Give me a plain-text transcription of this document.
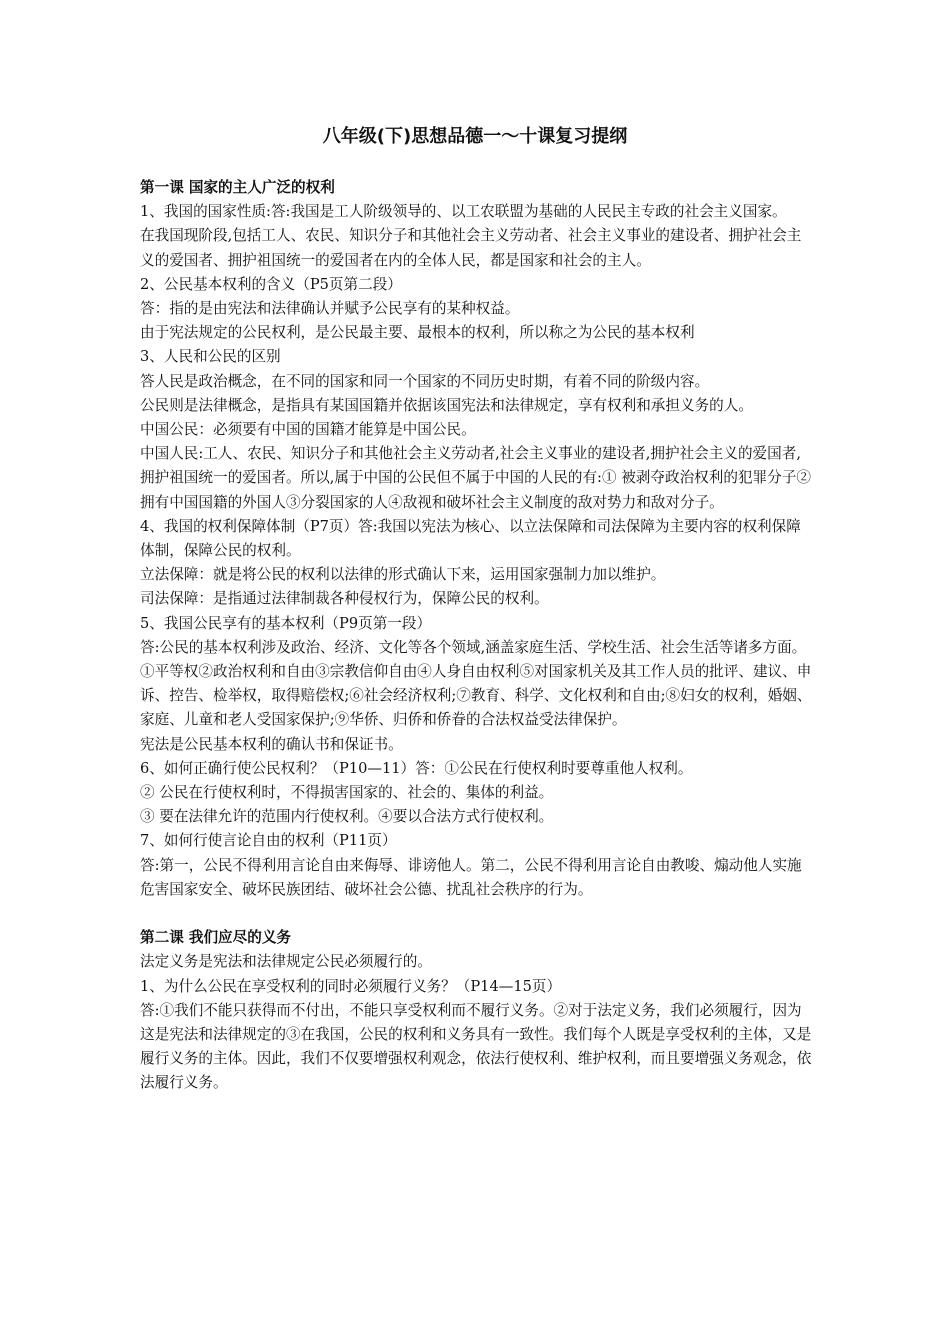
八年级(下)思想品德一～十课复习提纲
第一课 国家的主人广泛的权利

1、我国的国家性质:答:我国是工人阶级领导的、以工农联盟为基础的人民民主专政的社会主义国家。

在我国现阶段,包括工人、农民、知识分子和其他社会主义劳动者、社会主义事业的建设者、拥护社会主义的爱国者、拥护祖国统一的爱国者在内的全体人民，都是国家和社会的主人。

2、公民基本权利的含义（P5页第二段）

答：指的是由宪法和法律确认并赋予公民享有的某种权益。

由于宪法规定的公民权利，是公民最主要、最根本的权利，所以称之为公民的基本权利

3、人民和公民的区别

答人民是政治概念，在不同的国家和同一个国家的不同历史时期，有着不同的阶级内容。

公民则是法律概念，是指具有某国国籍并依据该国宪法和法律规定，享有权利和承担义务的人。

中国公民：必须要有中国的国籍才能算是中国公民。

中国人民:工人、农民、知识分子和其他社会主义劳动者,社会主义事业的建设者,拥护社会主义的爱国者,拥护祖国统一的爱国者。所以,属于中国的公民但不属于中国的人民的有:① 被剥夺政治权利的犯罪分子②拥有中国国籍的外国人③分裂国家的人④敌视和破坏社会主义制度的敌对势力和敌对分子。

4、我国的权利保障体制（P7页）答:我国以宪法为核心、以立法保障和司法保障为主要内容的权利保障体制，保障公民的权利。

立法保障：就是将公民的权利以法律的形式确认下来，运用国家强制力加以维护。

司法保障：是指通过法律制裁各种侵权行为，保障公民的权利。

5、我国公民享有的基本权利（P9页第一段）

答:公民的基本权利涉及政治、经济、文化等各个领域,涵盖家庭生活、学校生活、社会生活等诸多方面。①平等权②政治权利和自由③宗教信仰自由④人身自由权利⑤对国家机关及其工作人员的批评、建议、申诉、控告、检举权，取得赔偿权;⑥社会经济权利;⑦教育、科学、文化权利和自由;⑧妇女的权利，婚姻、家庭、儿童和老人受国家保护;⑨华侨、归侨和侨眷的合法权益受法律保护。

宪法是公民基本权利的确认书和保证书。

6、如何正确行使公民权利？（P10—11）答：①公民在行使权利时要尊重他人权利。

② 公民在行使权利时，不得损害国家的、社会的、集体的利益。

③ 要在法律允许的范围内行使权利。④要以合法方式行使权利。

7、如何行使言论自由的权利（P11页）

答:第一，公民不得利用言论自由来侮辱、诽谤他人。第二，公民不得利用言论自由教唆、煽动他人实施危害国家安全、破坏民族团结、破坏社会公德、扰乱社会秩序的行为。

第二课 我们应尽的义务

法定义务是宪法和法律规定公民必须履行的。

1、为什么公民在享受权利的同时必须履行义务？（P14—15页）

答:①我们不能只获得而不付出，不能只享受权利而不履行义务。②对于法定义务，我们必须履行，因为这是宪法和法律规定的③在我国，公民的权利和义务具有一致性。我们每个人既是享受权利的主体，又是履行义务的主体。因此，我们不仅要增强权利观念，依法行使权利、维护权利，而且要增强义务观念，依法履行义务。
